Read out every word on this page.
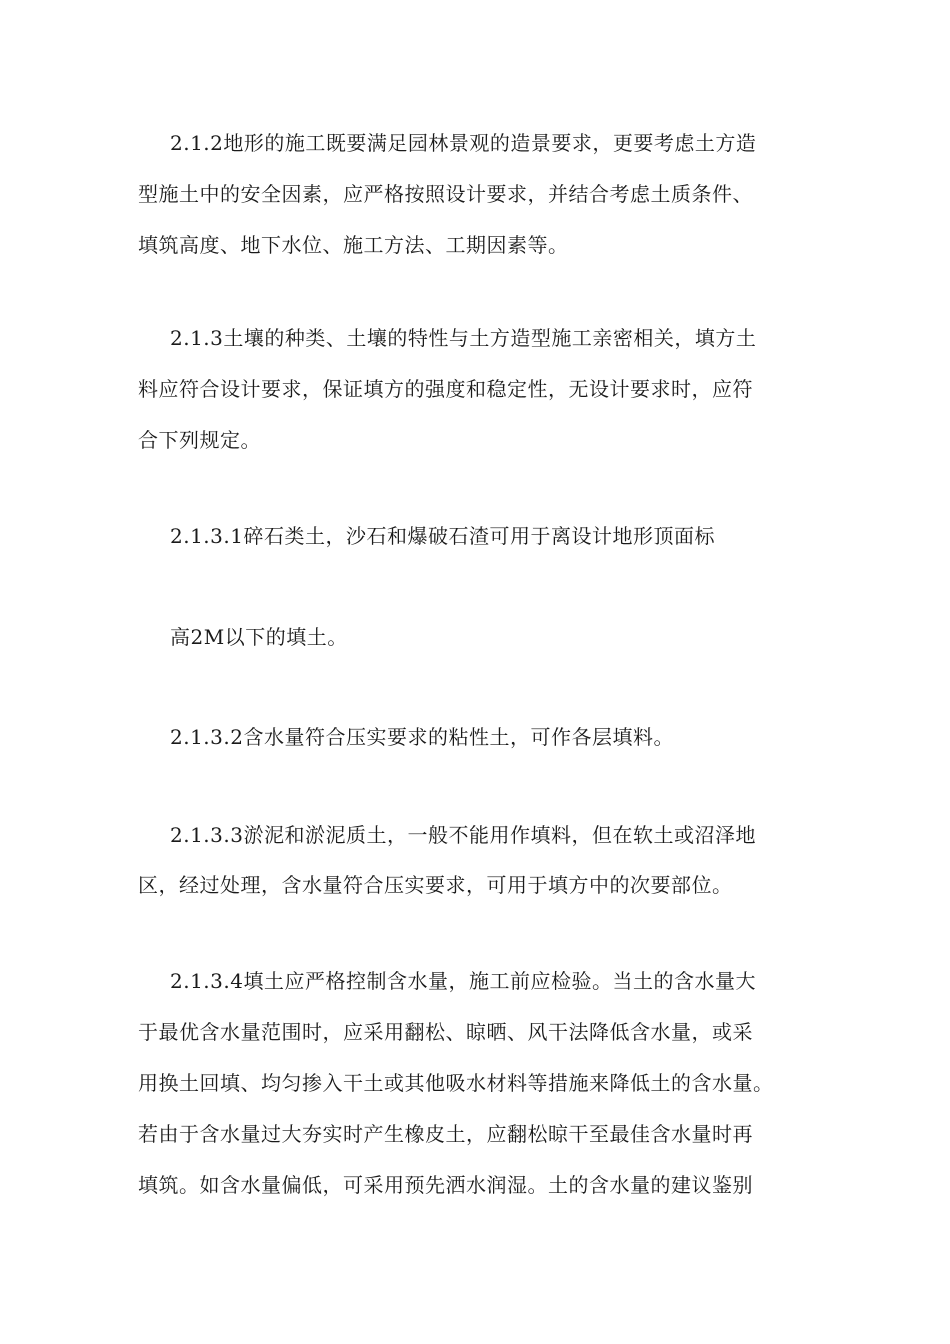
2.1.2地形的施工既要满足园林景观的造景要求，更要考虑土方造
型施土中的安全因素，应严格按照设计要求，并结合考虑土质条件、
填筑高度、地下水位、施工方法、工期因素等。
2.1.3土壤的种类、土壤的特性与土方造型施工亲密相关，填方土
料应符合设计要求，保证填方的强度和稳定性，无设计要求时，应符
合下列规定。
2.1.3.1碎石类土，沙石和爆破石渣可用于离设计地形顶面标
高2M以下的填土。
2.1.3.2含水量符合压实要求的粘性土，可作各层填料。
2.1.3.3淤泥和淤泥质土，一般不能用作填料，但在软土或沼泽地
区，经过处理，含水量符合压实要求，可用于填方中的次要部位。
2.1.3.4填土应严格控制含水量，施工前应检验。当土的含水量大
于最优含水量范围时，应采用翻松、晾晒、风干法降低含水量，或采
用换土回填、均匀掺入干土或其他吸水材料等措施来降低土的含水量。
若由于含水量过大夯实时产生橡皮土，应翻松晾干至最佳含水量时再
填筑。如含水量偏低，可采用预先洒水润湿。土的含水量的建议鉴别
